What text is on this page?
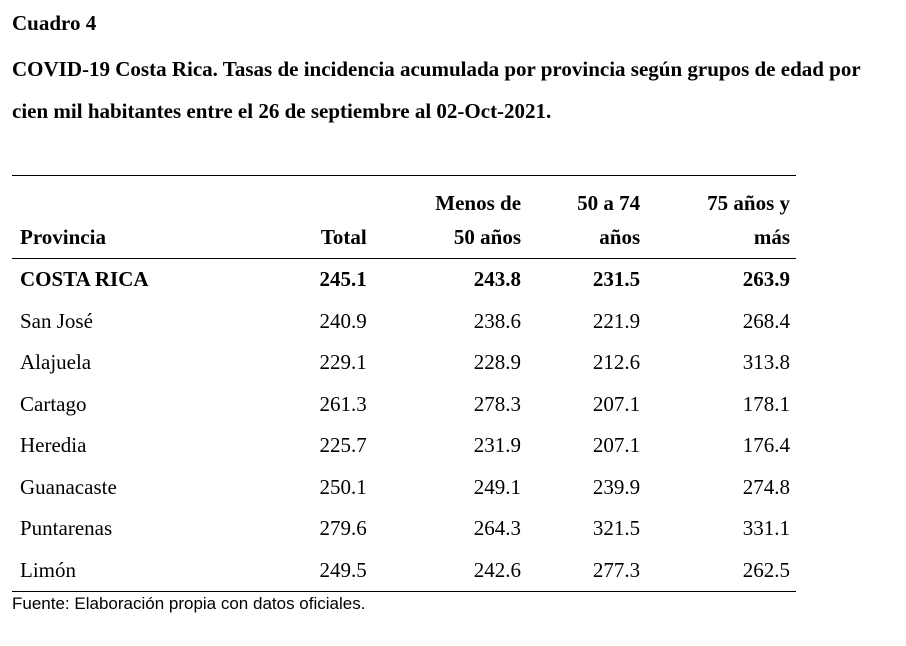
Cuadro 4

COVID-19 Costa Rica. Tasas de incidencia acumulada por provincia según grupos de edad por cien mil habitantes entre el 26 de septiembre al 02-Oct-2021.

		Menos de	50 a 74	75 años y
Provincia	Total	50 años	años	más
COSTA RICA	245.1	243.8	231.5	263.9
San José	240.9	238.6	221.9	268.4
Alajuela	229.1	228.9	212.6	313.8
Cartago	261.3	278.3	207.1	178.1
Heredia	225.7	231.9	207.1	176.4
Guanacaste	250.1	249.1	239.9	274.8
Puntarenas	279.6	264.3	321.5	331.1
Limón	249.5	242.6	277.3	262.5
Fuente: Elaboración propia con datos oficiales.
